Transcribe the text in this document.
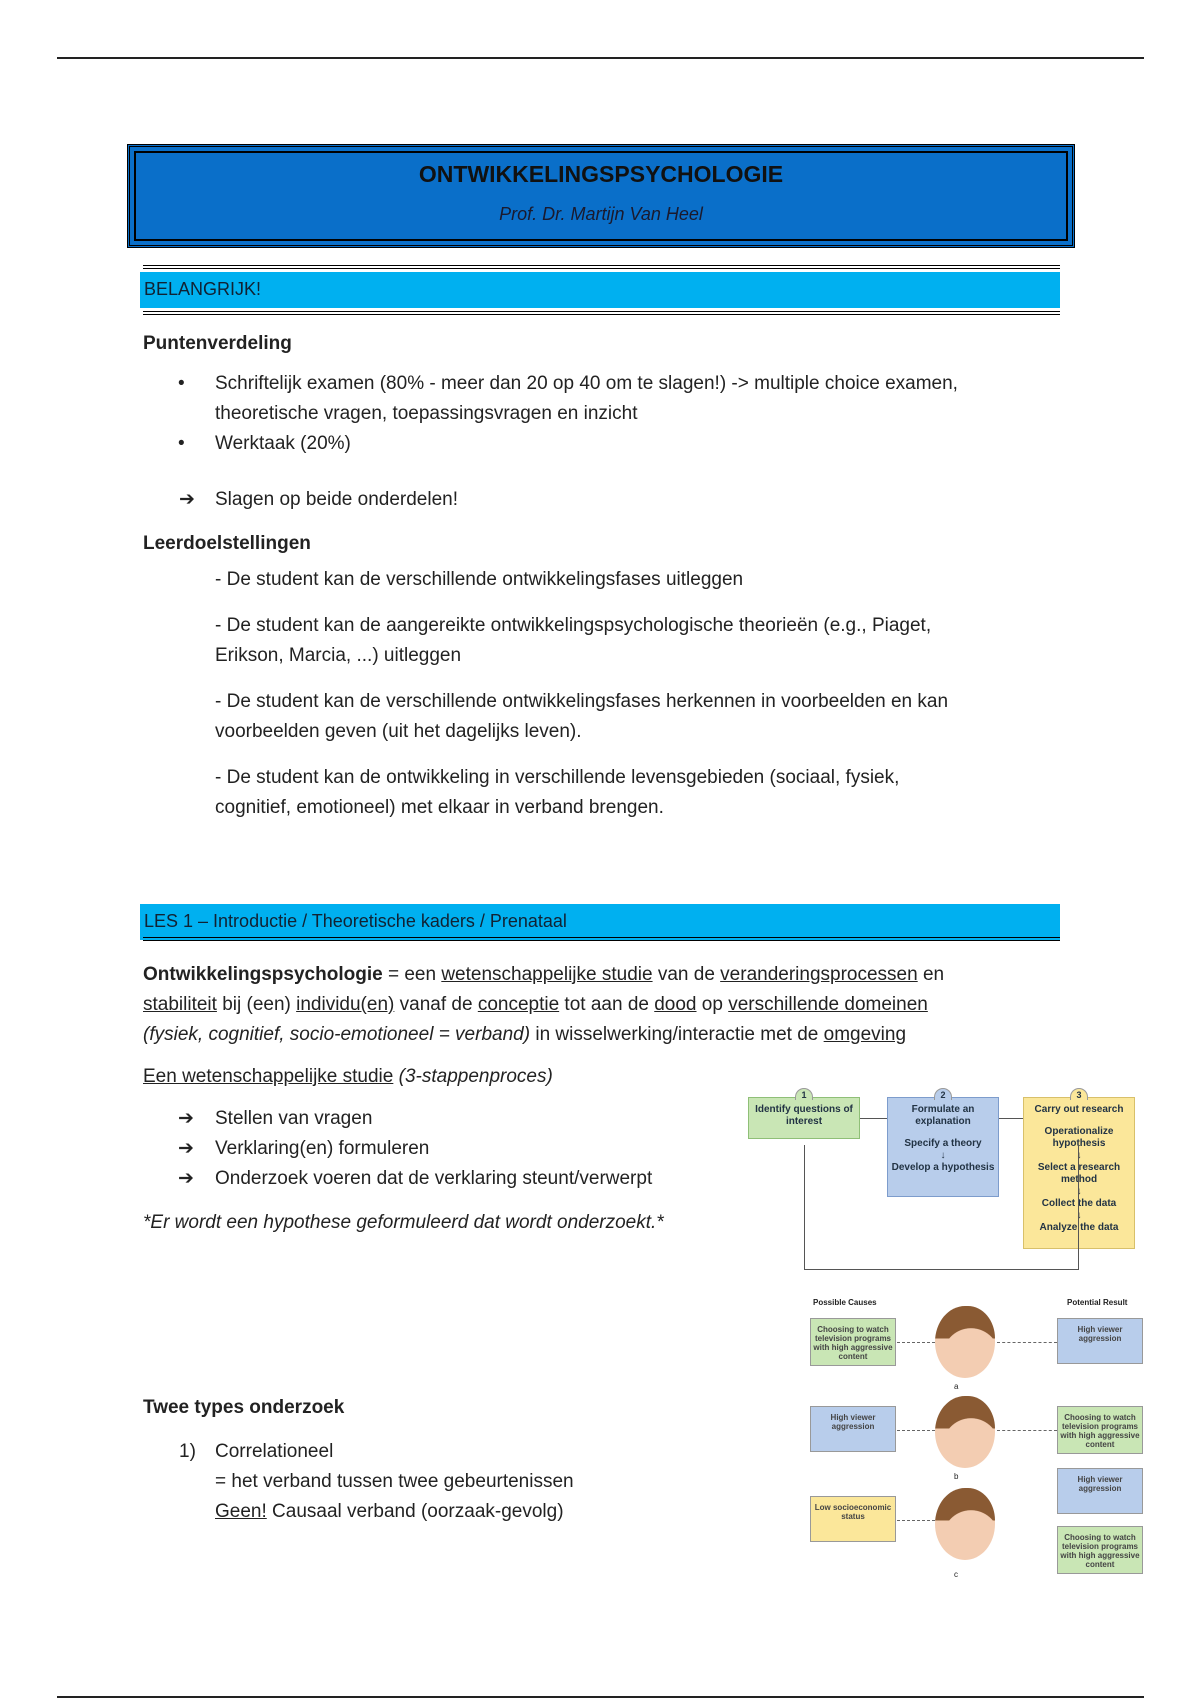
ONTWIKKELINGSPSYCHOLOGIE
Prof. Dr. Martijn Van Heel
BELANGRIJK!
Puntenverdeling
• Schriftelijk examen (80% - meer dan 20 op 40 om te slagen!) -> multiple choice examen,
theoretische vragen, toepassingsvragen en inzicht
• Werktaak (20%)
➔ Slagen op beide onderdelen!
Leerdoelstellingen
- De student kan de verschillende ontwikkelingsfases uitleggen
- De student kan de aangereikte ontwikkelingspsychologische theorieën (e.g., Piaget,
Erikson, Marcia, ...) uitleggen
- De student kan de verschillende ontwikkelingsfases herkennen in voorbeelden en kan
voorbeelden geven (uit het dagelijks leven).
- De student kan de ontwikkeling in verschillende levensgebieden (sociaal, fysiek,
cognitief, emotioneel) met elkaar in verband brengen.
LES 1 – Introductie / Theoretische kaders / Prenataal
Ontwikkelingspsychologie = een wetenschappelijke studie van de veranderingsprocessen en
stabiliteit bij (een) individu(en) vanaf de conceptie tot aan de dood op verschillende domeinen
(fysiek, cognitief, socio-emotioneel = verband) in wisselwerking/interactie met de omgeving
Een wetenschappelijke studie (3-stappenproces)
➔ Stellen van vragen
➔ Verklaring(en) formuleren
➔ Onderzoek voeren dat de verklaring steunt/verwerpt
*Er wordt een hypothese geformuleerd dat wordt onderzoekt.*
1
Identify questions of interest
2
Formulate an explanation
Specify a theory
↓
Develop a hypothesis
3
Carry out research
Operationalize hypothesis
↓
Select a research method
↓
Collect the data
↓
Analyze the data
Possible Causes	Potential Result
Choosing to watch television programs with high aggressive content
High viewer aggression
High viewer aggression
Choosing to watch television programs with high aggressive content
Low socioeconomic status
High viewer aggression
Choosing to watch television programs with high aggressive content
a
b
c
Twee types onderzoek
1) Correlationeel
= het verband tussen twee gebeurtenissen
Geen! Causaal verband (oorzaak-gevolg)
